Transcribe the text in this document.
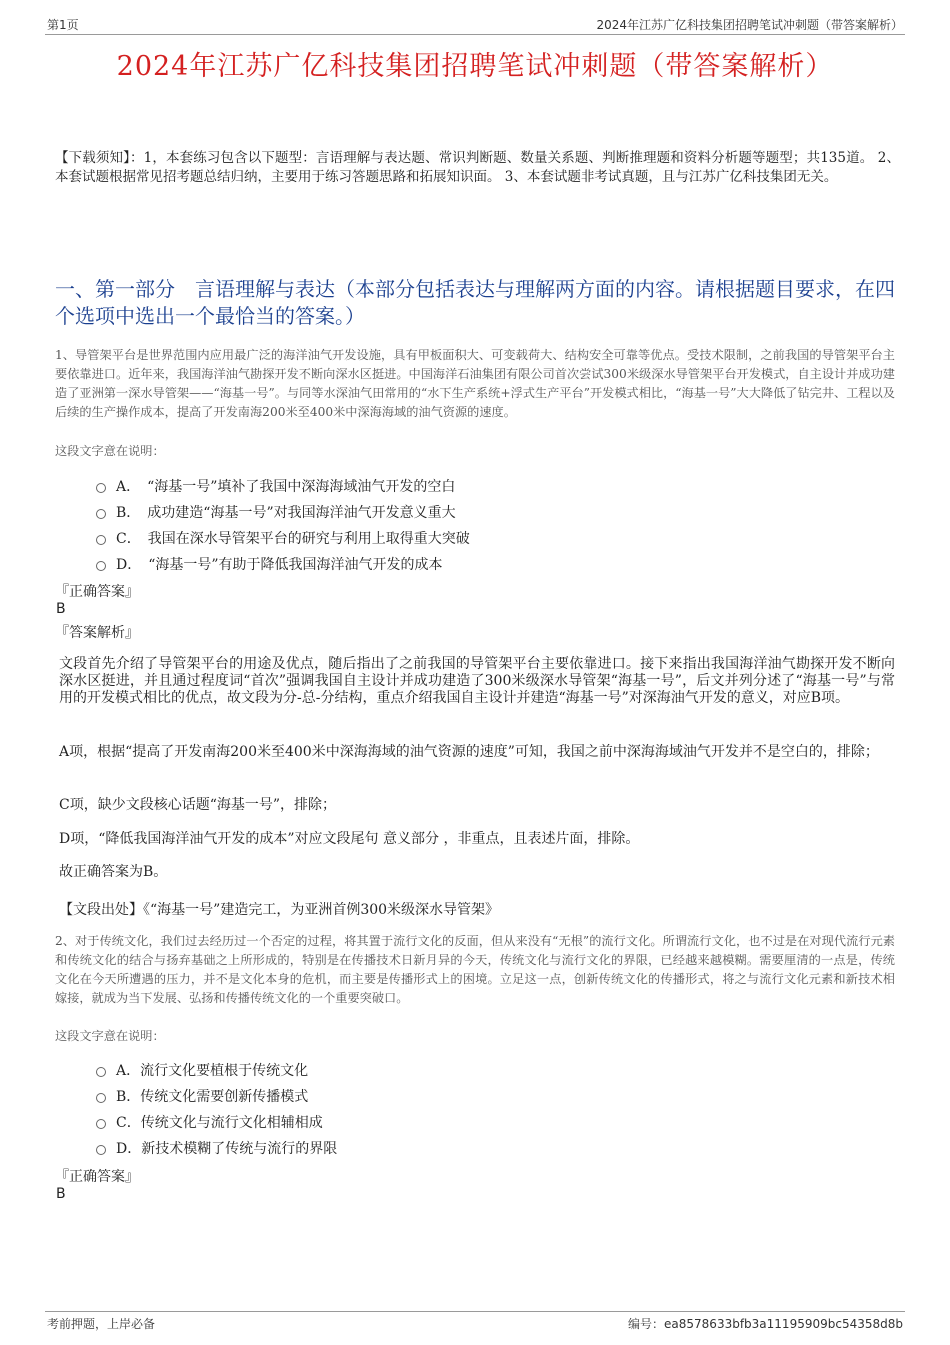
第1页	2024年江苏广亿科技集团招聘笔试冲刺题（带答案解析）
2024年江苏广亿科技集团招聘笔试冲刺题（带答案解析）
【下载须知】：1，本套练习包含以下题型：言语理解与表达题、常识判断题、数量关系题、判断推理题和资料分析题等题型；共135道。 2、本套试题根据常见招考题总结归纳，主要用于练习答题思路和拓展知识面。 3、本套试题非考试真题，且与江苏广亿科技集团无关。
一、第一部分　言语理解与表达（本部分包括表达与理解两方面的内容。请根据题目要求，在四个选项中选出一个最恰当的答案。）
1、导管架平台是世界范围内应用最广泛的海洋油气开发设施，具有甲板面积大、可变载荷大、结构安全可靠等优点。受技术限制，之前我国的导管架平台主要依靠进口。近年来，我国海洋油气勘探开发不断向深水区挺进。中国海洋石油集团有限公司首次尝试300米级深水导管架平台开发模式，自主设计并成功建造了亚洲第一深水导管架——“海基一号”。与同等水深油气田常用的“水下生产系统+浮式生产平台”开发模式相比，“海基一号”大大降低了钻完井、工程以及后续的生产操作成本，提高了开发南海200米至400米中深海海域的油气资源的速度。
这段文字意在说明：
A．　“海基一号”填补了我国中深海海域油气开发的空白
B．　成功建造“海基一号”对我国海洋油气开发意义重大
C．　我国在深水导管架平台的研究与利用上取得重大突破
D．　“海基一号”有助于降低我国海洋油气开发的成本
『正确答案』
B
『答案解析』
文段首先介绍了导管架平台的用途及优点，随后指出了之前我国的导管架平台主要依靠进口。接下来指出我国海洋油气勘探开发不断向深水区挺进，并且通过程度词“首次”强调我国自主设计并成功建造了300米级深水导管架“海基一号”，后文并列分述了“海基一号”与常用的开发模式相比的优点，故文段为分-总-分结构，重点介绍我国自主设计并建造“海基一号”对深海油气开发的意义，对应B项。
A项，根据“提高了开发南海200米至400米中深海海域的油气资源的速度”可知，我国之前中深海海域油气开发并不是空白的，排除；
C项，缺少文段核心话题“海基一号”，排除；
D项，“降低我国海洋油气开发的成本”对应文段尾句 意义部分 ，非重点，且表述片面，排除。
故正确答案为B。
【文段出处】《“海基一号”建造完工，为亚洲首例300米级深水导管架》
2、对于传统文化，我们过去经历过一个否定的过程，将其置于流行文化的反面，但从来没有“无根”的流行文化。所谓流行文化，也不过是在对现代流行元素和传统文化的结合与扬弃基础之上所形成的，特别是在传播技术日新月异的今天，传统文化与流行文化的界限，已经越来越模糊。需要厘清的一点是，传统文化在今天所遭遇的压力，并不是文化本身的危机，而主要是传播形式上的困境。立足这一点，创新传统文化的传播形式，将之与流行文化元素和新技术相嫁接，就成为当下发展、弘扬和传播传统文化的一个重要突破口。
这段文字意在说明：
A．流行文化要植根于传统文化
B．传统文化需要创新传播模式
C．传统文化与流行文化相辅相成
D．新技术模糊了传统与流行的界限
『正确答案』
B
考前押题，上岸必备	编号：ea8578633bfb3a11195909bc54358d8b
